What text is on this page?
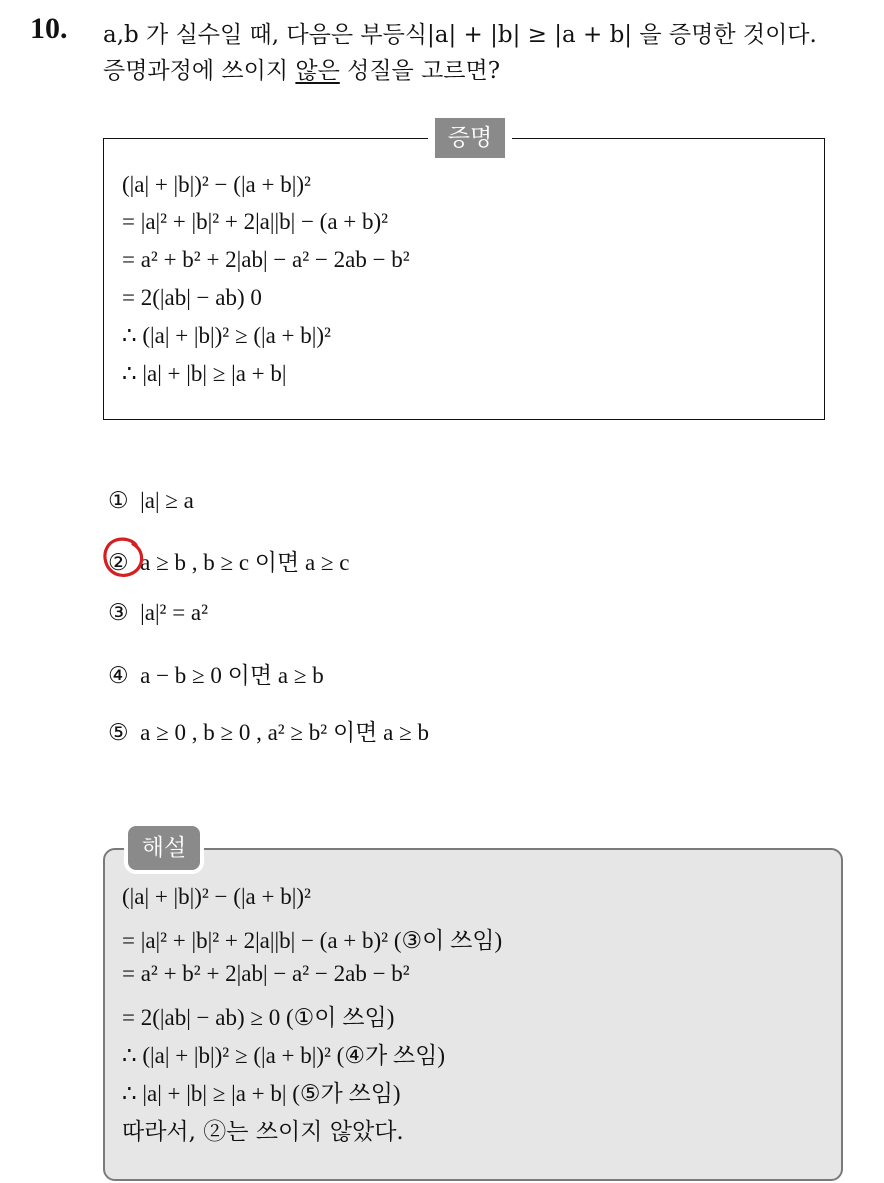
10. a,b 가 실수일 때, 다음은 부등식|a| + |b| ≥ |a + b| 을 증명한 것이다.
증명과정에 쓰이지 않은 성질을 고르면?
증명
(|a| + |b|)² − (|a + b|)²
= |a|² + |b|² + 2|a||b| − (a + b)²
= a² + b² + 2|ab| − a² − 2ab − b²
= 2(|ab| − ab) 0
∴ (|a| + |b|)² ≥ (|a + b|)²
∴ |a| + |b| ≥ |a + b|
① |a| ≥ a
② a ≥ b , b ≥ c 이면 a ≥ c
③ |a|² = a²
④ a − b ≥ 0 이면 a ≥ b
⑤ a ≥ 0 , b ≥ 0 , a² ≥ b² 이면 a ≥ b
해설
(|a| + |b|)² − (|a + b|)²
= |a|² + |b|² + 2|a||b| − (a + b)² (③이 쓰임)
= a² + b² + 2|ab| − a² − 2ab − b²
= 2(|ab| − ab) ≥ 0 (①이 쓰임)
∴ (|a| + |b|)² ≥ (|a + b|)² (④가 쓰임)
∴ |a| + |b| ≥ |a + b| (⑤가 쓰임)
따라서, ②는 쓰이지 않았다.
